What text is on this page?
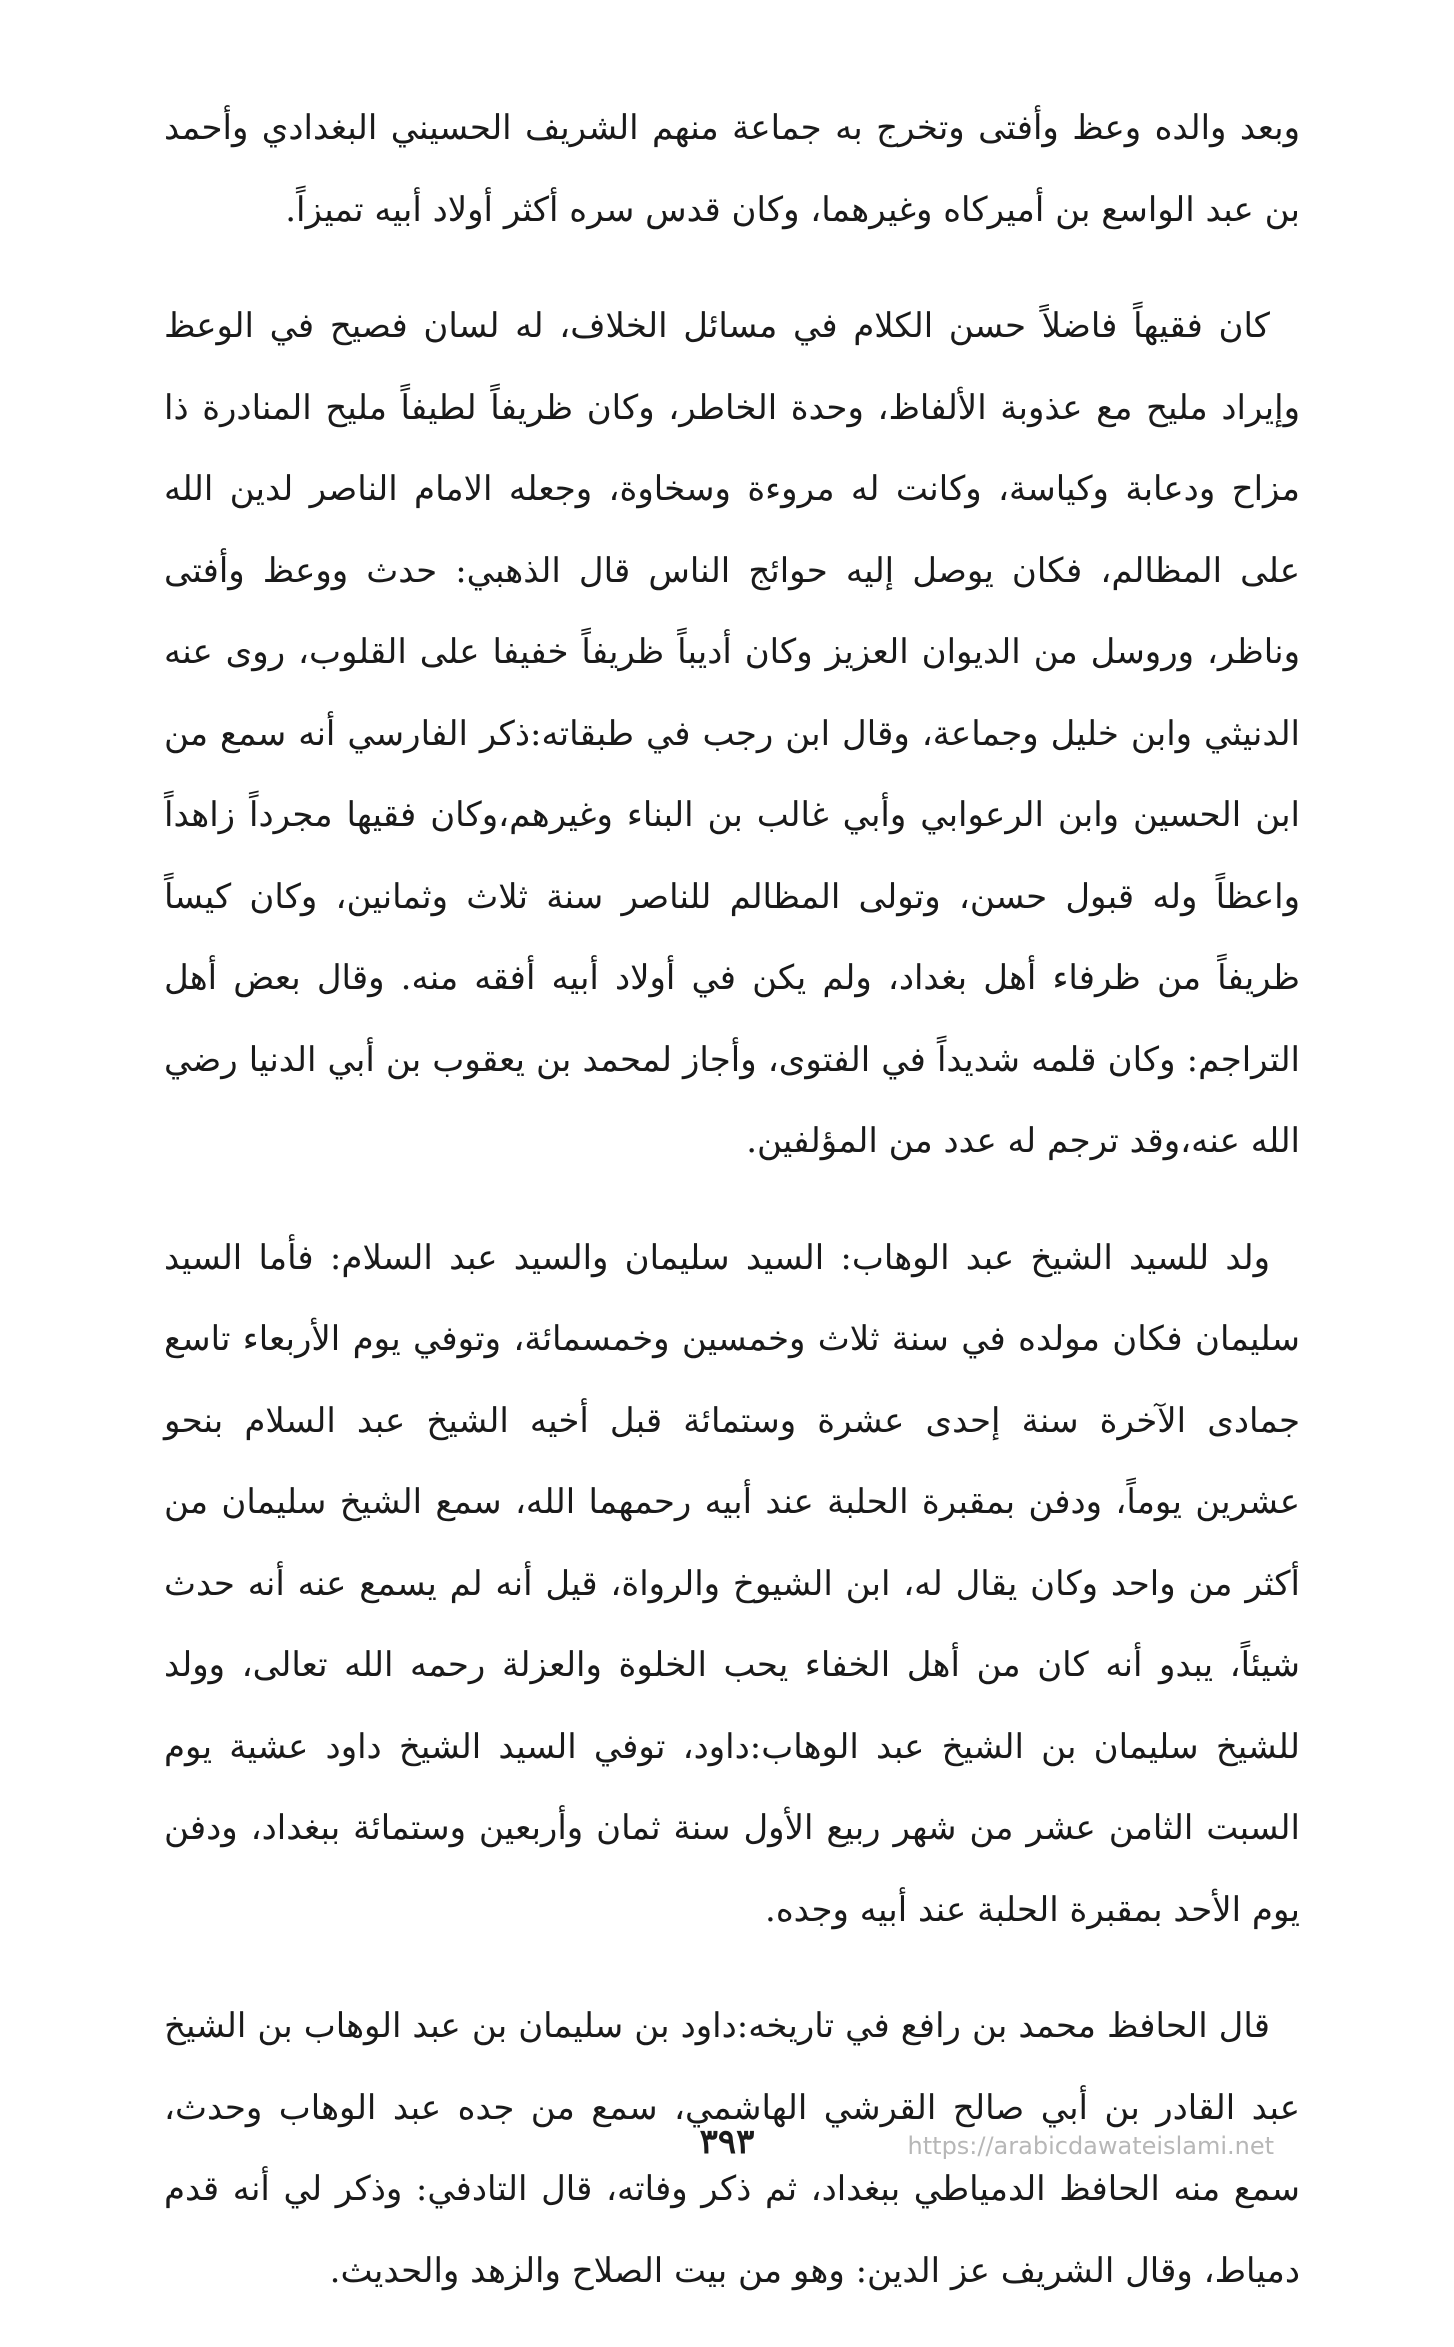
وبعد والده وعظ وأفتى وتخرج به جماعة منهم الشريف الحسيني البغدادي وأحمد بن عبد الواسع بن أميركاه وغيرهما، وكان قدس سره أكثر أولاد أبيه تميزاً.

كان فقيهاً فاضلاً حسن الكلام في مسائل الخلاف، له لسان فصيح في الوعظ وإيراد مليح مع عذوبة الألفاظ، وحدة الخاطر، وكان ظريفاً لطيفاً مليح المنادرة ذا مزاح ودعابة وكياسة، وكانت له مروءة وسخاوة، وجعله الامام الناصر لدين الله على المظالم، فكان يوصل إليه حوائج الناس قال الذهبي: حدث ووعظ وأفتى وناظر، وروسل من الديوان العزيز وكان أديباً ظريفاً خفيفا على القلوب، روى عنه الدنيثي وابن خليل وجماعة، وقال ابن رجب في طبقاته:ذكر الفارسي أنه سمع من ابن الحسين وابن الرعوابي وأبي غالب بن البناء وغيرهم،وكان فقيها مجرداً زاهداً واعظاً وله قبول حسن، وتولى المظالم للناصر سنة ثلاث وثمانين، وكان كيساً ظريفاً من ظرفاء أهل بغداد، ولم يكن في أولاد أبيه أفقه منه. وقال بعض أهل التراجم: وكان قلمه شديداً في الفتوى، وأجاز لمحمد بن يعقوب بن أبي الدنيا رضي الله عنه،وقد ترجم له عدد من المؤلفين.

ولد للسيد الشيخ عبد الوهاب: السيد سليمان والسيد عبد السلام: فأما السيد سليمان فكان مولده في سنة ثلاث وخمسين وخمسمائة، وتوفي يوم الأربعاء تاسع جمادى الآخرة سنة إحدى عشرة وستمائة قبل أخيه الشيخ عبد السلام بنحو عشرين يوماً، ودفن بمقبرة الحلبة عند أبيه رحمهما الله، سمع الشيخ سليمان من أكثر من واحد وكان يقال له، ابن الشيوخ والرواة، قيل أنه لم يسمع عنه أنه حدث شيئاً، يبدو أنه كان من أهل الخفاء يحب الخلوة والعزلة رحمه الله تعالى، وولد للشيخ سليمان بن الشيخ عبد الوهاب:داود، توفي السيد الشيخ داود عشية يوم السبت الثامن عشر من شهر ربيع الأول سنة ثمان وأربعين وستمائة ببغداد، ودفن يوم الأحد بمقبرة الحلبة عند أبيه وجده.

قال الحافظ محمد بن رافع في تاريخه:داود بن سليمان بن عبد الوهاب بن الشيخ عبد القادر بن أبي صالح القرشي الهاشمي، سمع من جده عبد الوهاب وحدث، سمع منه الحافظ الدمياطي ببغداد، ثم ذكر وفاته، قال التادفي: وذكر لي أنه قدم دمياط، وقال الشريف عز الدين: وهو من بيت الصلاح والزهد والحديث.

٣٩٣	https://arabicdawateislami.net
